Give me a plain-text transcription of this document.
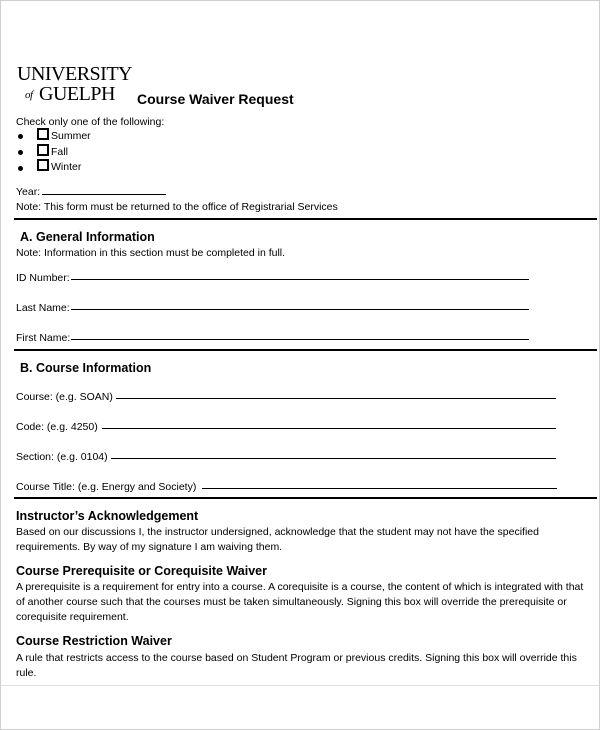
UNIVERSITY
of GUELPH Course Waiver Request
Check only one of the following:
Summer
Fall
Winter
Year:
Note: This form must be returned to the office of Registrarial Services
A. General Information
Note: Information in this section must be completed in full.
ID Number:
Last Name:
First Name:
B. Course Information
Course: (e.g. SOAN)
Code: (e.g. 4250)
Section: (e.g. 0104)
Course Title: (e.g. Energy and Society)
Instructor’s Acknowledgement
Based on our discussions I, the instructor undersigned, acknowledge that the student may not have the specified requirements. By way of my signature I am waiving them.
Course Prerequisite or Corequisite Waiver
A prerequisite is a requirement for entry into a course. A corequisite is a course, the content of which is integrated with that of another course such that the courses must be taken simultaneously. Signing this box will override the prerequisite or corequisite requirement.
Course Restriction Waiver
A rule that restricts access to the course based on Student Program or previous credits. Signing this box will override this rule.
